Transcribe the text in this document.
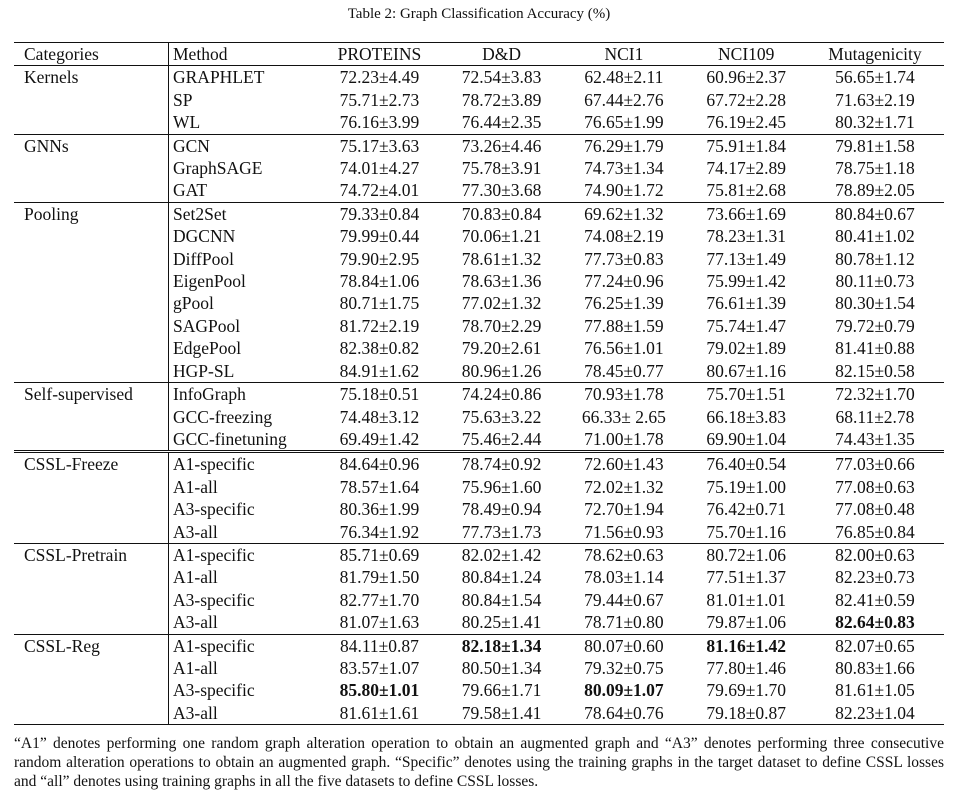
Table 2: Graph Classification Accuracy (%)
Categories	Method	PROTEINS	D&D	NCI1	NCI109	Mutagenicity
Kernels	GRAPHLET	72.23±4.49	72.54±3.83	62.48±2.11	60.96±2.37	56.65±1.74
	SP	75.71±2.73	78.72±3.89	67.44±2.76	67.72±2.28	71.63±2.19
	WL	76.16±3.99	76.44±2.35	76.65±1.99	76.19±2.45	80.32±1.71
GNNs	GCN	75.17±3.63	73.26±4.46	76.29±1.79	75.91±1.84	79.81±1.58
	GraphSAGE	74.01±4.27	75.78±3.91	74.73±1.34	74.17±2.89	78.75±1.18
	GAT	74.72±4.01	77.30±3.68	74.90±1.72	75.81±2.68	78.89±2.05
Pooling	Set2Set	79.33±0.84	70.83±0.84	69.62±1.32	73.66±1.69	80.84±0.67
	DGCNN	79.99±0.44	70.06±1.21	74.08±2.19	78.23±1.31	80.41±1.02
	DiffPool	79.90±2.95	78.61±1.32	77.73±0.83	77.13±1.49	80.78±1.12
	EigenPool	78.84±1.06	78.63±1.36	77.24±0.96	75.99±1.42	80.11±0.73
	gPool	80.71±1.75	77.02±1.32	76.25±1.39	76.61±1.39	80.30±1.54
	SAGPool	81.72±2.19	78.70±2.29	77.88±1.59	75.74±1.47	79.72±0.79
	EdgePool	82.38±0.82	79.20±2.61	76.56±1.01	79.02±1.89	81.41±0.88
	HGP-SL	84.91±1.62	80.96±1.26	78.45±0.77	80.67±1.16	82.15±0.58
Self-supervised	InfoGraph	75.18±0.51	74.24±0.86	70.93±1.78	75.70±1.51	72.32±1.70
	GCC-freezing	74.48±3.12	75.63±3.22	66.33± 2.65	66.18±3.83	68.11±2.78
	GCC-finetuning	69.49±1.42	75.46±2.44	71.00±1.78	69.90±1.04	74.43±1.35
CSSL-Freeze	A1-specific	84.64±0.96	78.74±0.92	72.60±1.43	76.40±0.54	77.03±0.66
	A1-all	78.57±1.64	75.96±1.60	72.02±1.32	75.19±1.00	77.08±0.63
	A3-specific	80.36±1.99	78.49±0.94	72.70±1.94	76.42±0.71	77.08±0.48
	A3-all	76.34±1.92	77.73±1.73	71.56±0.93	75.70±1.16	76.85±0.84
CSSL-Pretrain	A1-specific	85.71±0.69	82.02±1.42	78.62±0.63	80.72±1.06	82.00±0.63
	A1-all	81.79±1.50	80.84±1.24	78.03±1.14	77.51±1.37	82.23±0.73
	A3-specific	82.77±1.70	80.84±1.54	79.44±0.67	81.01±1.01	82.41±0.59
	A3-all	81.07±1.63	80.25±1.41	78.71±0.80	79.87±1.06	82.64±0.83
CSSL-Reg	A1-specific	84.11±0.87	82.18±1.34	80.07±0.60	81.16±1.42	82.07±0.65
	A1-all	83.57±1.07	80.50±1.34	79.32±0.75	77.80±1.46	80.83±1.66
	A3-specific	85.80±1.01	79.66±1.71	80.09±1.07	79.69±1.70	81.61±1.05
	A3-all	81.61±1.61	79.58±1.41	78.64±0.76	79.18±0.87	82.23±1.04
“A1” denotes performing one random graph alteration operation to obtain an augmented graph and “A3” denotes performing three consecutive random alteration operations to obtain an augmented graph. “Specific” denotes using the training graphs in the target dataset to define CSSL losses and “all” denotes using training graphs in all the five datasets to define CSSL losses.
